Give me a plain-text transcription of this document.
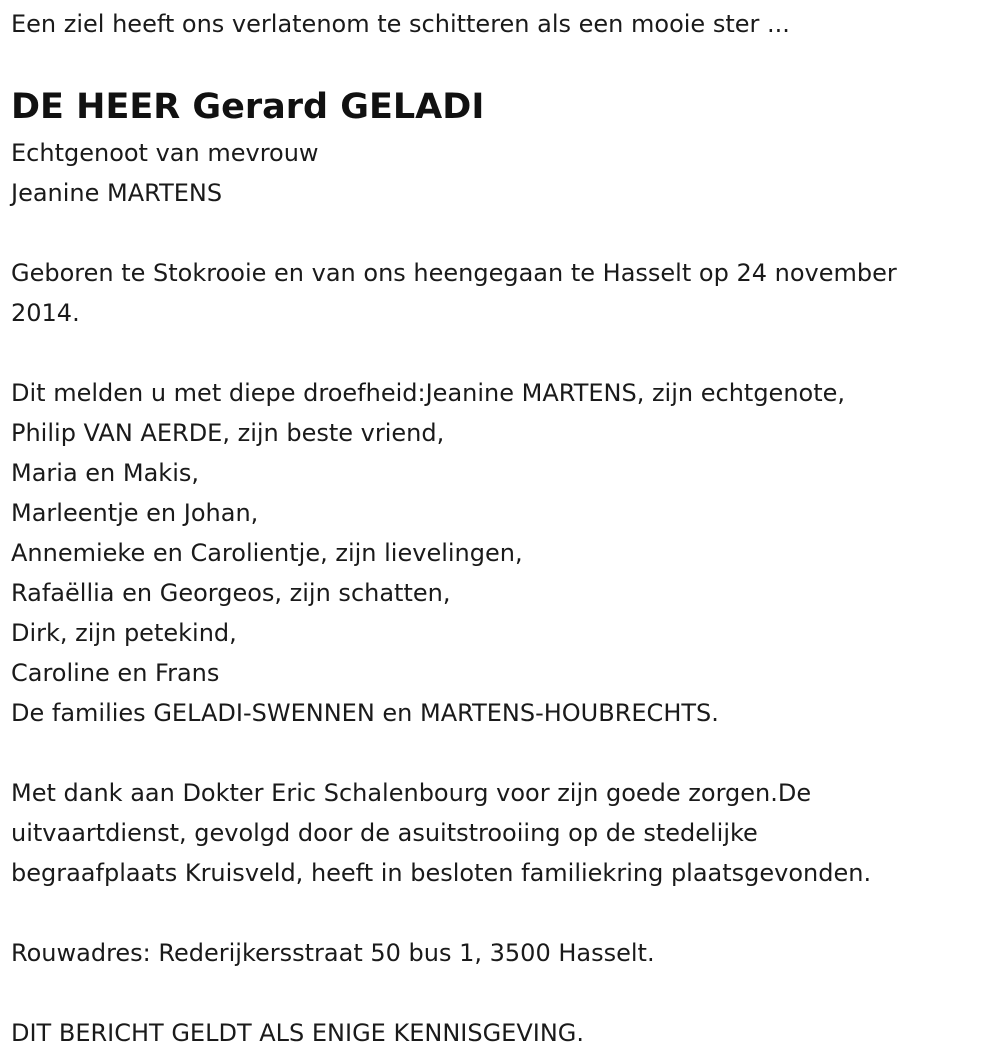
Een ziel heeft ons verlatenom te schitteren als een mooie ster ...
DE HEER Gerard GELADI
Echtgenoot van mevrouw
Jeanine MARTENS
Geboren te Stokrooie en van ons heengegaan te Hasselt op 24 november
2014.
Dit melden u met diepe droefheid:Jeanine MARTENS, zijn echtgenote,
Philip VAN AERDE, zijn beste vriend,
Maria en Makis,
Marleentje en Johan,
Annemieke en Carolientje, zijn lievelingen,
Rafaëllia en Georgeos, zijn schatten,
Dirk, zijn petekind,
Caroline en Frans
De families GELADI-SWENNEN en MARTENS-HOUBRECHTS.
Met dank aan Dokter Eric Schalenbourg voor zijn goede zorgen.De
uitvaartdienst, gevolgd door de asuitstrooiing op de stedelijke
begraafplaats Kruisveld, heeft in besloten familiekring plaatsgevonden.
Rouwadres: Rederijkersstraat 50 bus 1, 3500 Hasselt.
DIT BERICHT GELDT ALS ENIGE KENNISGEVING.
